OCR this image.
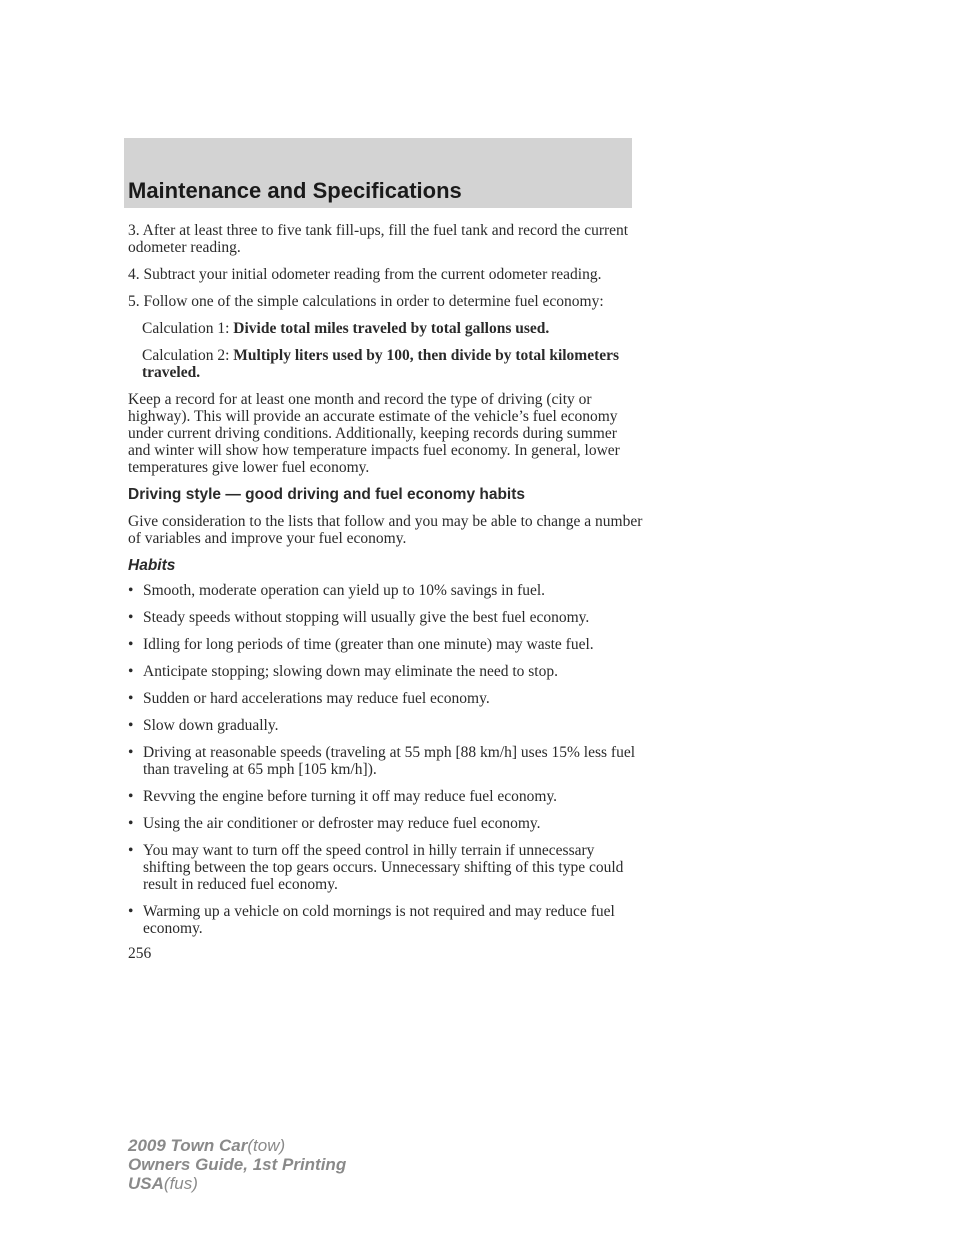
Maintenance and Specifications

3. After at least three to five tank fill-ups, fill the fuel tank and record the current odometer reading.

4. Subtract your initial odometer reading from the current odometer reading.

5. Follow one of the simple calculations in order to determine fuel economy:

Calculation 1: Divide total miles traveled by total gallons used.

Calculation 2: Multiply liters used by 100, then divide by total kilometers traveled.

Keep a record for at least one month and record the type of driving (city or highway). This will provide an accurate estimate of the vehicle’s fuel economy under current driving conditions. Additionally, keeping records during summer and winter will show how temperature impacts fuel economy. In general, lower temperatures give lower fuel economy.

Driving style — good driving and fuel economy habits

Give consideration to the lists that follow and you may be able to change a number of variables and improve your fuel economy.

Habits

• Smooth, moderate operation can yield up to 10% savings in fuel.
• Steady speeds without stopping will usually give the best fuel economy.
• Idling for long periods of time (greater than one minute) may waste fuel.
• Anticipate stopping; slowing down may eliminate the need to stop.
• Sudden or hard accelerations may reduce fuel economy.
• Slow down gradually.
• Driving at reasonable speeds (traveling at 55 mph [88 km/h] uses 15% less fuel than traveling at 65 mph [105 km/h]).
• Revving the engine before turning it off may reduce fuel economy.
• Using the air conditioner or defroster may reduce fuel economy.
• You may want to turn off the speed control in hilly terrain if unnecessary shifting between the top gears occurs. Unnecessary shifting of this type could result in reduced fuel economy.
• Warming up a vehicle on cold mornings is not required and may reduce fuel economy.
256
2009 Town Car(tow)
Owners Guide, 1st Printing
USA(fus)
